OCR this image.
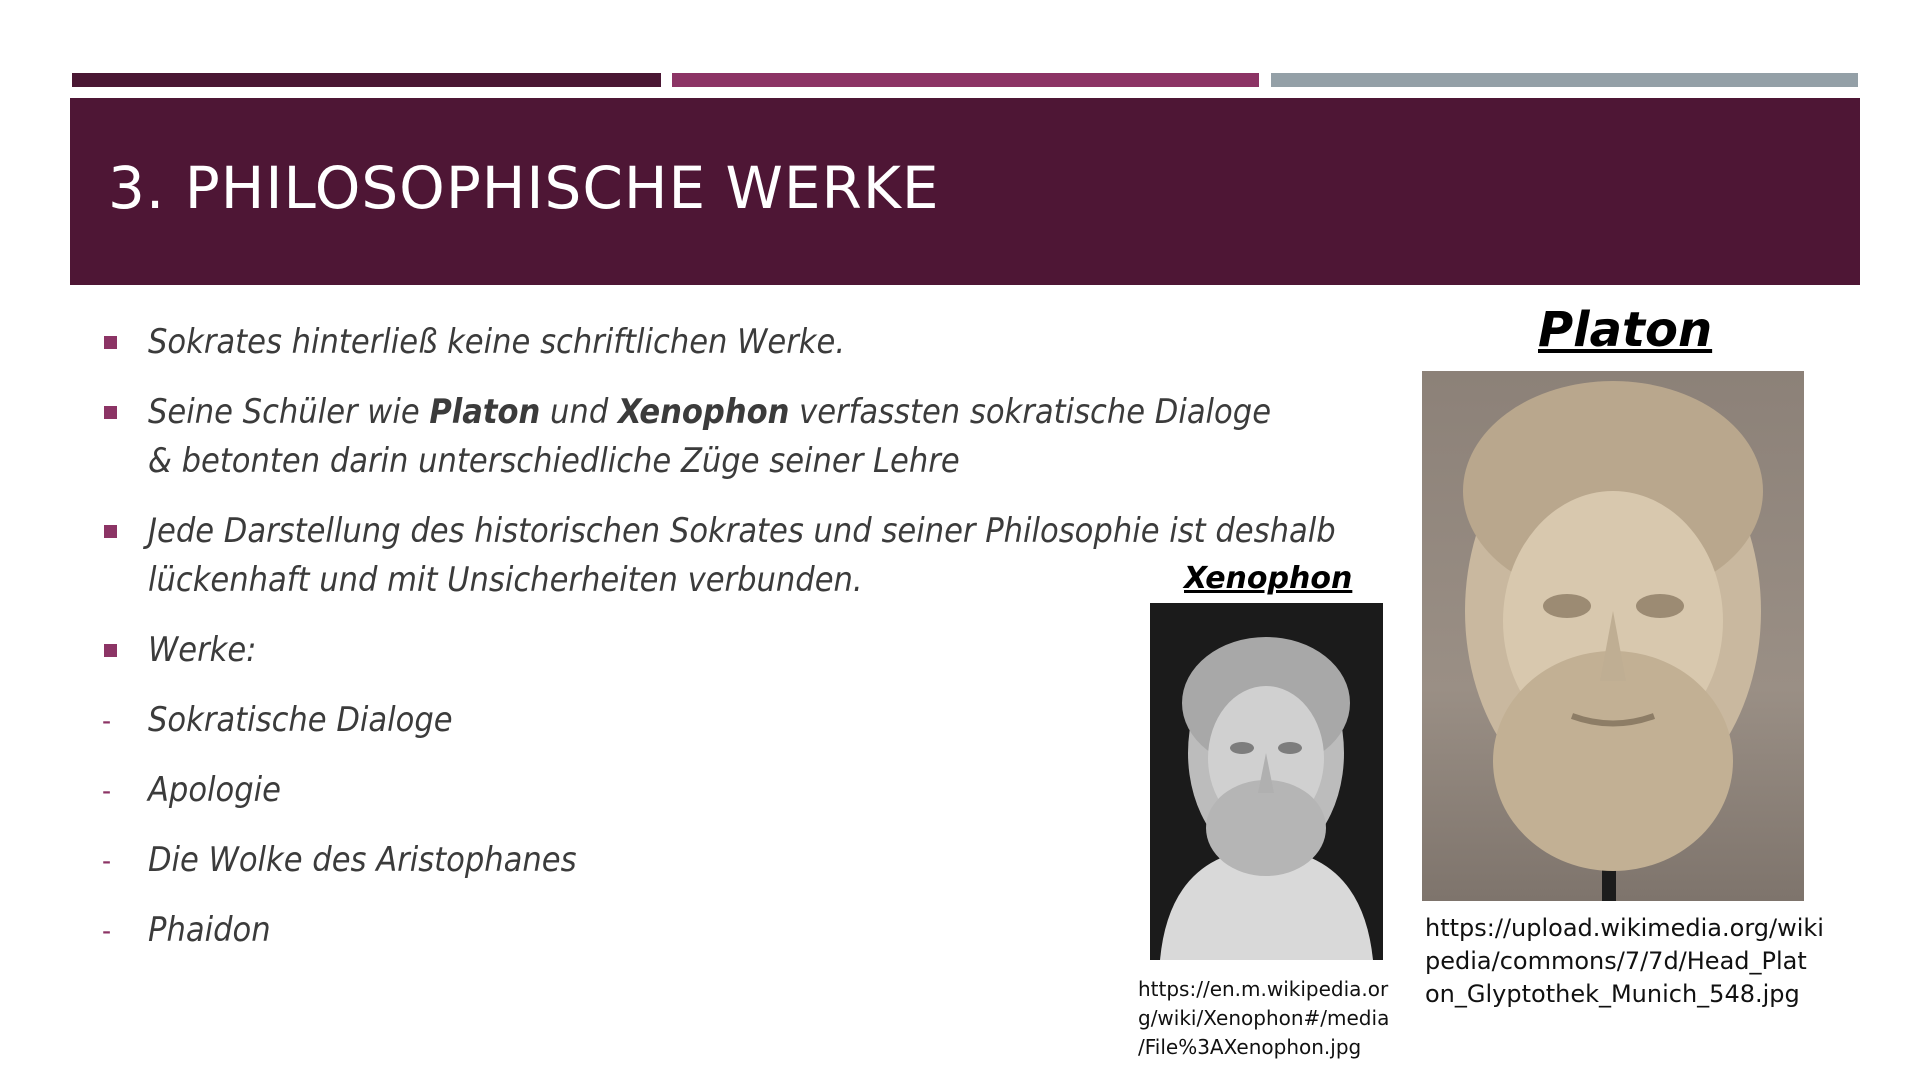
3. PHILOSOPHISCHE WERKE
Sokrates hinterließ keine schriftlichen Werke.
Seine Schüler wie Platon und Xenophon verfassten sokratische Dialoge
& betonten darin unterschiedliche Züge seiner Lehre
Jede Darstellung des historischen Sokrates und seiner Philosophie ist deshalb
lückenhaft und mit Unsicherheiten verbunden.
Werke:
- Sokratische Dialoge
- Apologie
- Die Wolke des Aristophanes
- Phaidon
Platon
https://upload.wikimedia.org/wiki
pedia/commons/7/7d/Head_Plat
on_Glyptothek_Munich_548.jpg
Xenophon
https://en.m.wikipedia.or
g/wiki/Xenophon#/media
/File%3AXenophon.jpg
